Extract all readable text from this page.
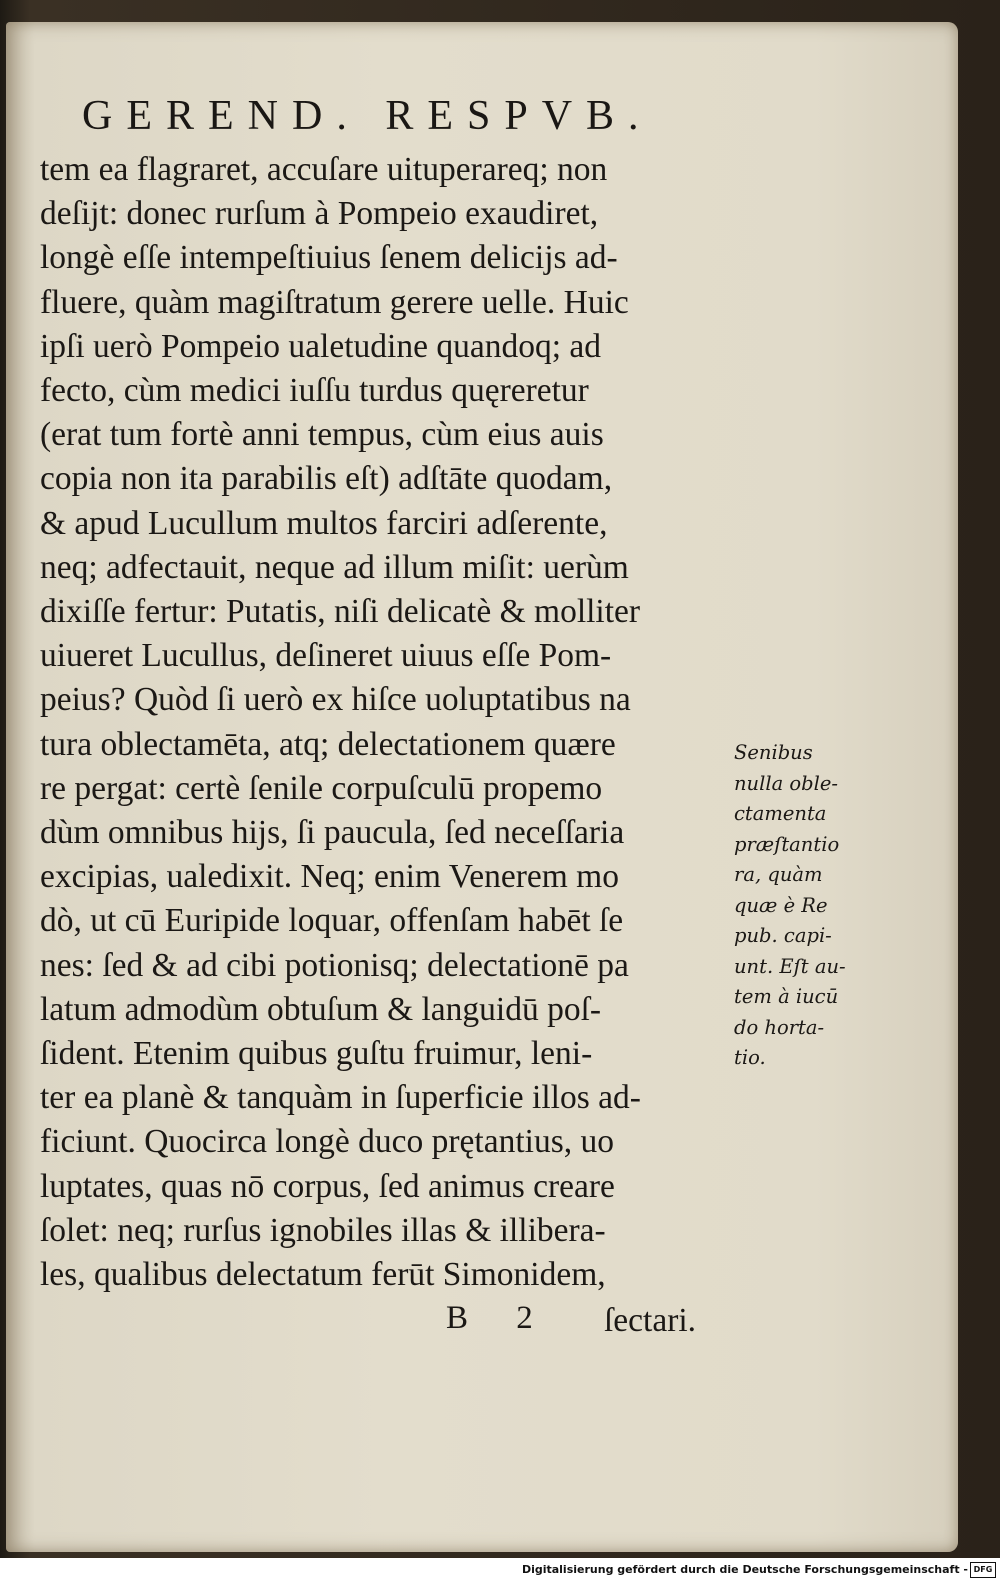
GEREND. RESPVB.
tem ea flagraret, accuſare uituperareq; non
deſijt: donec rurſum à Pompeio exaudiret,
longè eſſe intempeſtiuius ſenem delicijs ad-
fluere, quàm magiſtratum gerere uelle. Huic
ipſi uerò Pompeio ualetudine quandoq; ad
fecto, cùm medici iuſſu turdus quęreretur
(erat tum fortè anni tempus, cùm eius auis
copia non ita parabilis eſt) adſtāte quodam,
& apud Lucullum multos farciri adſerente,
neq; adfectauit, neque ad illum miſit: uerùm
dixiſſe fertur: Putatis, niſi delicatè & molliter
uiueret Lucullus, deſineret uiuus eſſe Pom-
peius? Quòd ſi uerò ex hiſce uoluptatibus na
tura oblectamēta, atq; delectationem quære
re pergat: certè ſenile corpuſculū propemo
dùm omnibus hijs, ſi paucula, ſed neceſſaria
excipias, ualedixit. Neq; enim Venerem mo
dò, ut cū Euripide loquar, offenſam habēt ſe
nes: ſed & ad cibi potionisq; delectationē pa
latum admodùm obtuſum & languidū poſ-
ſident. Etenim quibus guſtu fruimur, leni-
ter ea planè & tanquàm in ſuperficie illos ad-
ficiunt. Quocirca longè duco prętantius, uo
luptates, quas nō corpus, ſed animus creare
ſolet: neq; rurſus ignobiles illas & illibera-
les, qualibus delectatum ferūt Simonidem,
Senibus
nulla oble-
ctamenta
præſtantio
ra, quàm
quæ è Re
pub. capi-
unt. Eſt au-
tem à iucū
do horta-
tio.
B 2 ſectari.
Digitalisierung gefördert durch die Deutsche Forschungsgemeinschaft - DFG
